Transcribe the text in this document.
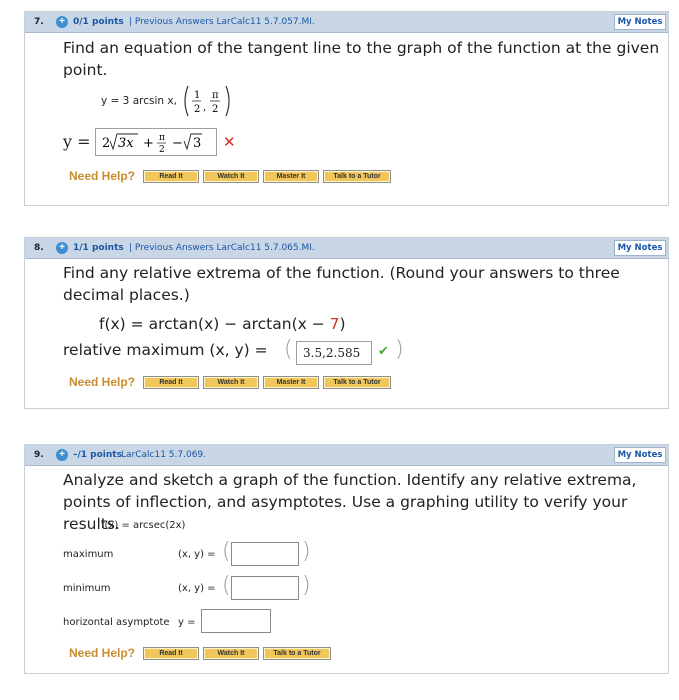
7.	+ 0/1 points | Previous Answers LarCalc11 5.7.057.MI.	My Notes
Find an equation of the tangent line to the graph of the function at the given point.
y = 3 arcsin x, 1
2 ,
π
2
y = 2 3x + π
2 − 3 ✕
Need Help?	Read It	Watch It	Master It	Talk to a Tutor
8.	+ 1/1 points | Previous Answers LarCalc11 5.7.065.MI.	My Notes
Find any relative extrema of the function. (Round your answers to three decimal places.)
f(x) = arctan(x) − arctan(x − 7)
relative maximum (x, y) = ( 3.5,2.585	✔ )
Need Help?	Read It	Watch It	Master It	Talk to a Tutor
9.	+ –/1 points LarCalc11 5.7.069.	My Notes
Analyze and sketch a graph of the function. Identify any relative extrema, points of inflection, and asymptotes. Use a graphing utility to verify your results.
f(x) = arcsec(2x)
maximum	(x, y) = (	)
minimum	(x, y) = (	)
horizontal asymptote y =
Need Help?	Read It	Watch It	Talk to a Tutor
